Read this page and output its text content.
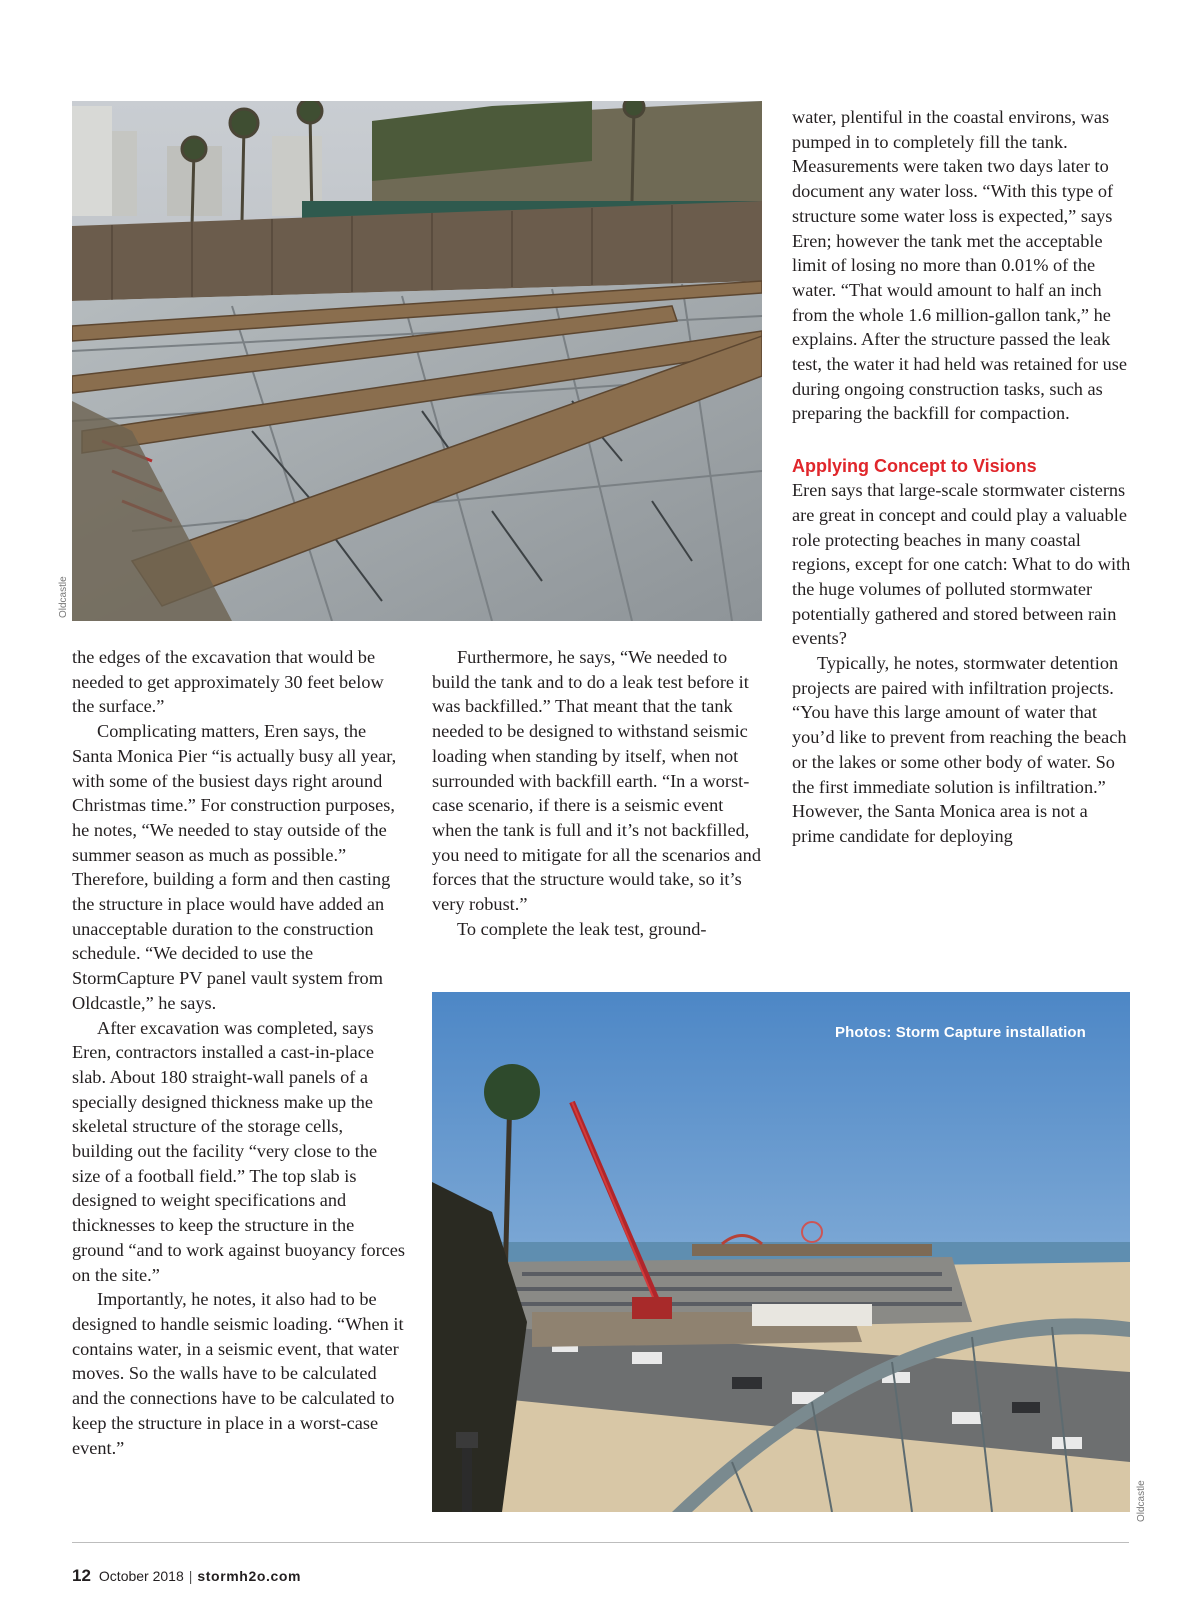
Oldcastle

the edges of the excavation that would be needed to get approximately 30 feet below the surface.”

Complicating matters, Eren says, the Santa Monica Pier “is actually busy all year, with some of the busiest days right around Christmas time.” For construction purposes, he notes, “We needed to stay outside of the summer season as much as possible.” Therefore, building a form and then casting the structure in place would have added an unacceptable duration to the construction schedule. “We decided to use the StormCapture PV panel vault system from Oldcastle,” he says.

After excavation was completed, says Eren, contractors installed a cast-in-place slab. About 180 straight-wall panels of a specially designed thickness make up the skeletal structure of the storage cells, building out the facility “very close to the size of a football field.” The top slab is designed to weight specifications and thicknesses to keep the structure in the ground “and to work against buoyancy forces on the site.”

Importantly, he notes, it also had to be designed to handle seismic loading. “When it contains water, in a seismic event, that water moves. So the walls have to be calculated and the connections have to be calculated to keep the structure in place in a worst-case event.”

Furthermore, he says, “We needed to build the tank and to do a leak test before it was backfilled.” That meant that the tank needed to be designed to withstand seismic loading when standing by itself, when not surrounded with backfill earth. “In a worst-case scenario, if there is a seismic event when the tank is full and it’s not backfilled, you need to mitigate for all the scenarios and forces that the structure would take, so it’s very robust.”

To complete the leak test, ground-

water, plentiful in the coastal environs, was pumped in to completely fill the tank. Measurements were taken two days later to document any water loss. “With this type of structure some water loss is expected,” says Eren; however the tank met the acceptable limit of losing no more than 0.01% of the water. “That would amount to half an inch from the whole 1.6 million-gallon tank,” he explains. After the structure passed the leak test, the water it had held was retained for use during ongoing construction tasks, such as preparing the backfill for compaction.

Applying Concept to Visions

Eren says that large-scale stormwater cisterns are great in concept and could play a valuable role protecting beaches in many coastal regions, except for one catch: What to do with the huge volumes of polluted stormwater potentially gathered and stored between rain events?

Typically, he notes, stormwater detention projects are paired with infiltration projects. “You have this large amount of water that you’d like to prevent from reaching the beach or the lakes or some other body of water. So the first immediate solution is infiltration.” However, the Santa Monica area is not a prime candidate for deploying

Photos: Storm Capture installation
Oldcastle
12 October 2018 | stormh2o.com
